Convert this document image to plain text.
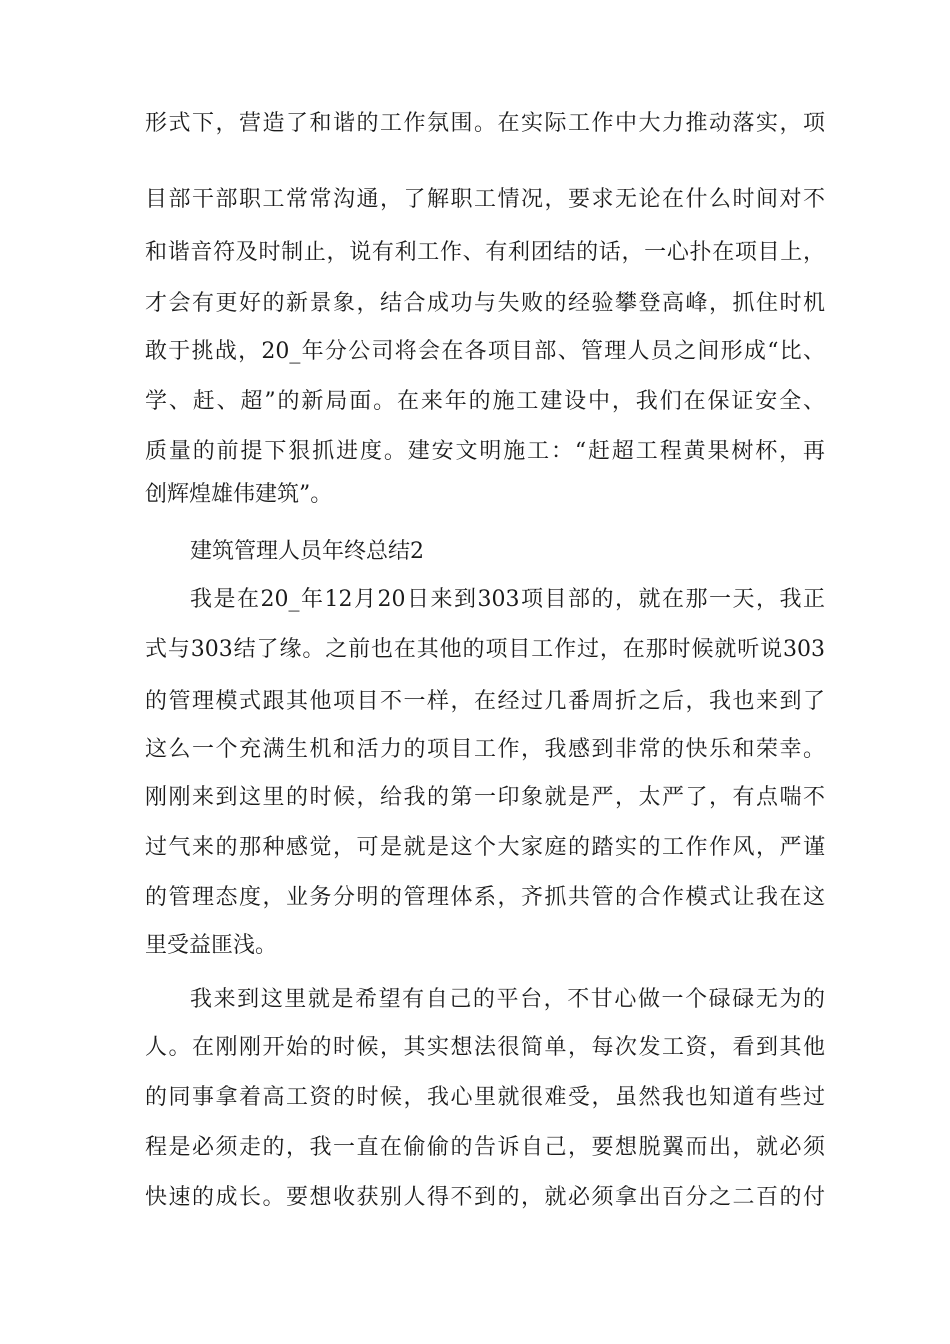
形式下，营造了和谐的工作氛围。在实际工作中大力推动落实，项
目部干部职工常常沟通，了解职工情况，要求无论在什么时间对不
和谐音符及时制止，说有利工作、有利团结的话，一心扑在项目上，
才会有更好的新景象，结合成功与失败的经验攀登高峰，抓住时机
敢于挑战，20_年分公司将会在各项目部、管理人员之间形成“比、
学、赶、超”的新局面。在来年的施工建设中，我们在保证安全、
质量的前提下狠抓进度。建安文明施工：“赶超工程黄果树杯，再
创辉煌雄伟建筑”。
建筑管理人员年终总结2
我是在20_年12月20日来到303项目部的，就在那一天，我正
式与303结了缘。之前也在其他的项目工作过，在那时候就听说303
的管理模式跟其他项目不一样，在经过几番周折之后，我也来到了
这么一个充满生机和活力的项目工作，我感到非常的快乐和荣幸。
刚刚来到这里的时候，给我的第一印象就是严，太严了，有点喘不
过气来的那种感觉，可是就是这个大家庭的踏实的工作作风，严谨
的管理态度，业务分明的管理体系，齐抓共管的合作模式让我在这
里受益匪浅。
我来到这里就是希望有自己的平台，不甘心做一个碌碌无为的
人。在刚刚开始的时候，其实想法很简单，每次发工资，看到其他
的同事拿着高工资的时候，我心里就很难受，虽然我也知道有些过
程是必须走的，我一直在偷偷的告诉自己，要想脱翼而出，就必须
快速的成长。要想收获别人得不到的，就必须拿出百分之二百的付
